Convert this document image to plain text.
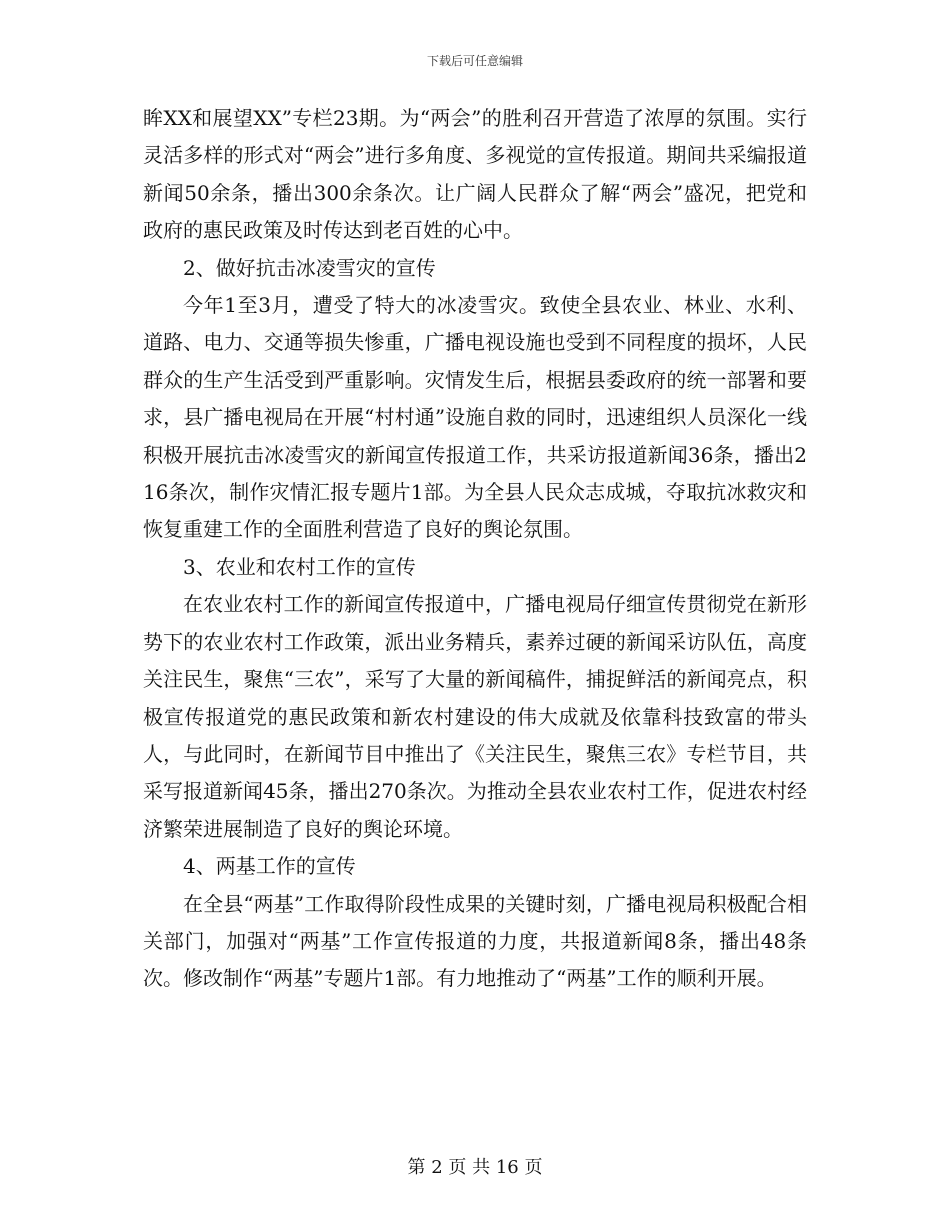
下载后可任意编辑

眸XX和展望XX”专栏23期。为“两会”的胜利召开营造了浓厚的氛围。实行灵活多样的形式对“两会”进行多角度、多视觉的宣传报道。期间共采编报道新闻50余条，播出300余条次。让广阔人民群众了解“两会”盛况，把党和政府的惠民政策及时传达到老百姓的心中。

2、做好抗击冰凌雪灾的宣传

今年1至3月，遭受了特大的冰凌雪灾。致使全县农业、林业、水利、道路、电力、交通等损失惨重，广播电视设施也受到不同程度的损坏，人民群众的生产生活受到严重影响。灾情发生后，根据县委政府的统一部署和要求，县广播电视局在开展“村村通”设施自救的同时，迅速组织人员深化一线积极开展抗击冰凌雪灾的新闻宣传报道工作，共采访报道新闻36条，播出216条次，制作灾情汇报专题片1部。为全县人民众志成城，夺取抗冰救灾和恢复重建工作的全面胜利营造了良好的舆论氛围。

3、农业和农村工作的宣传

在农业农村工作的新闻宣传报道中，广播电视局仔细宣传贯彻党在新形势下的农业农村工作政策，派出业务精兵，素养过硬的新闻采访队伍，高度关注民生，聚焦“三农”，采写了大量的新闻稿件，捕捉鲜活的新闻亮点，积极宣传报道党的惠民政策和新农村建设的伟大成就及依靠科技致富的带头人，与此同时，在新闻节目中推出了《关注民生，聚焦三农》专栏节目，共采写报道新闻45条，播出270条次。为推动全县农业农村工作，促进农村经济繁荣进展制造了良好的舆论环境。

4、两基工作的宣传

在全县“两基”工作取得阶段性成果的关键时刻，广播电视局积极配合相关部门，加强对“两基”工作宣传报道的力度，共报道新闻8条，播出48条次。修改制作“两基”专题片1部。有力地推动了“两基”工作的顺利开展。

第 2 页 共 16 页
